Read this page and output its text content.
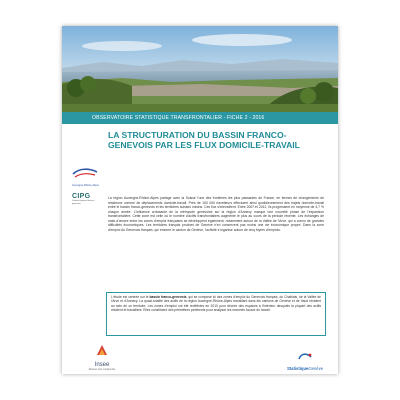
OBSERVATOIRE STATISTIQUE TRANSFRONTALIER - FICHE 2 - 2016
LA STRUCTURATION DU BASSIN FRANCO-GENEVOIS PAR LES FLUX DOMICILE-TRAVAIL
Auvergne-Rhône-Alpes
CIPG
Comité régional franco-genevois

La région Auvergne-Rhône-Alpes partage avec la Suisse l'une des frontières les plus passantes de France, en termes de changements de résidence comme de déplacements domicile-travail. Près de 100 000 navetteurs effectuent ainsi quotidiennement des trajets domicile-travail entre le bassin franco-genevois et les territoires suisses voisins. Ces flux s'intensifient. Entre 2007 et 2012, ils progressent en moyenne de 4,7 % chaque année. L'influence croissante de la métropole genevoise sur la région d'Annecy marque une nouvelle phase de l'expansion transfrontalière. Cette zone est celle où le nombre d'actifs transfrontaliers augmente le plus au cours de la période récente. Les échanges de main-d'œuvre entre les zones d'emploi françaises se développent également, notamment autour de la Vallée de l'Arve, qui a connu de grandes difficultés économiques. Les territoires français proches de Genève n'en conservent pas moins une vie économique propre. Dans la zone d'emploi du Genevois français, qui enserre le canton de Genève, l'activité s'organise autour de cinq foyers d'emplois.

L'étude est centrée sur le bassin franco-genevois, qui se compose ici des zones d'emploi du Genevois français, du Chablais, de la Vallée de l'Arve et d'Annecy. La quasi-totalité des actifs de la région Auvergne-Rhône-Alpes travaillant dans les cantons de Genève et de Vaud résident au sein de ce territoire. Les zones d'emploi ont été redéfinies en 2010 pour décrire des espaces à l'intérieur desquels la plupart des actifs résident et travaillent. Elles constituent des périmètres pertinents pour analyser les marchés locaux du travail.

Insee
Mesurer pour comprendre	StatistiqueGenève
